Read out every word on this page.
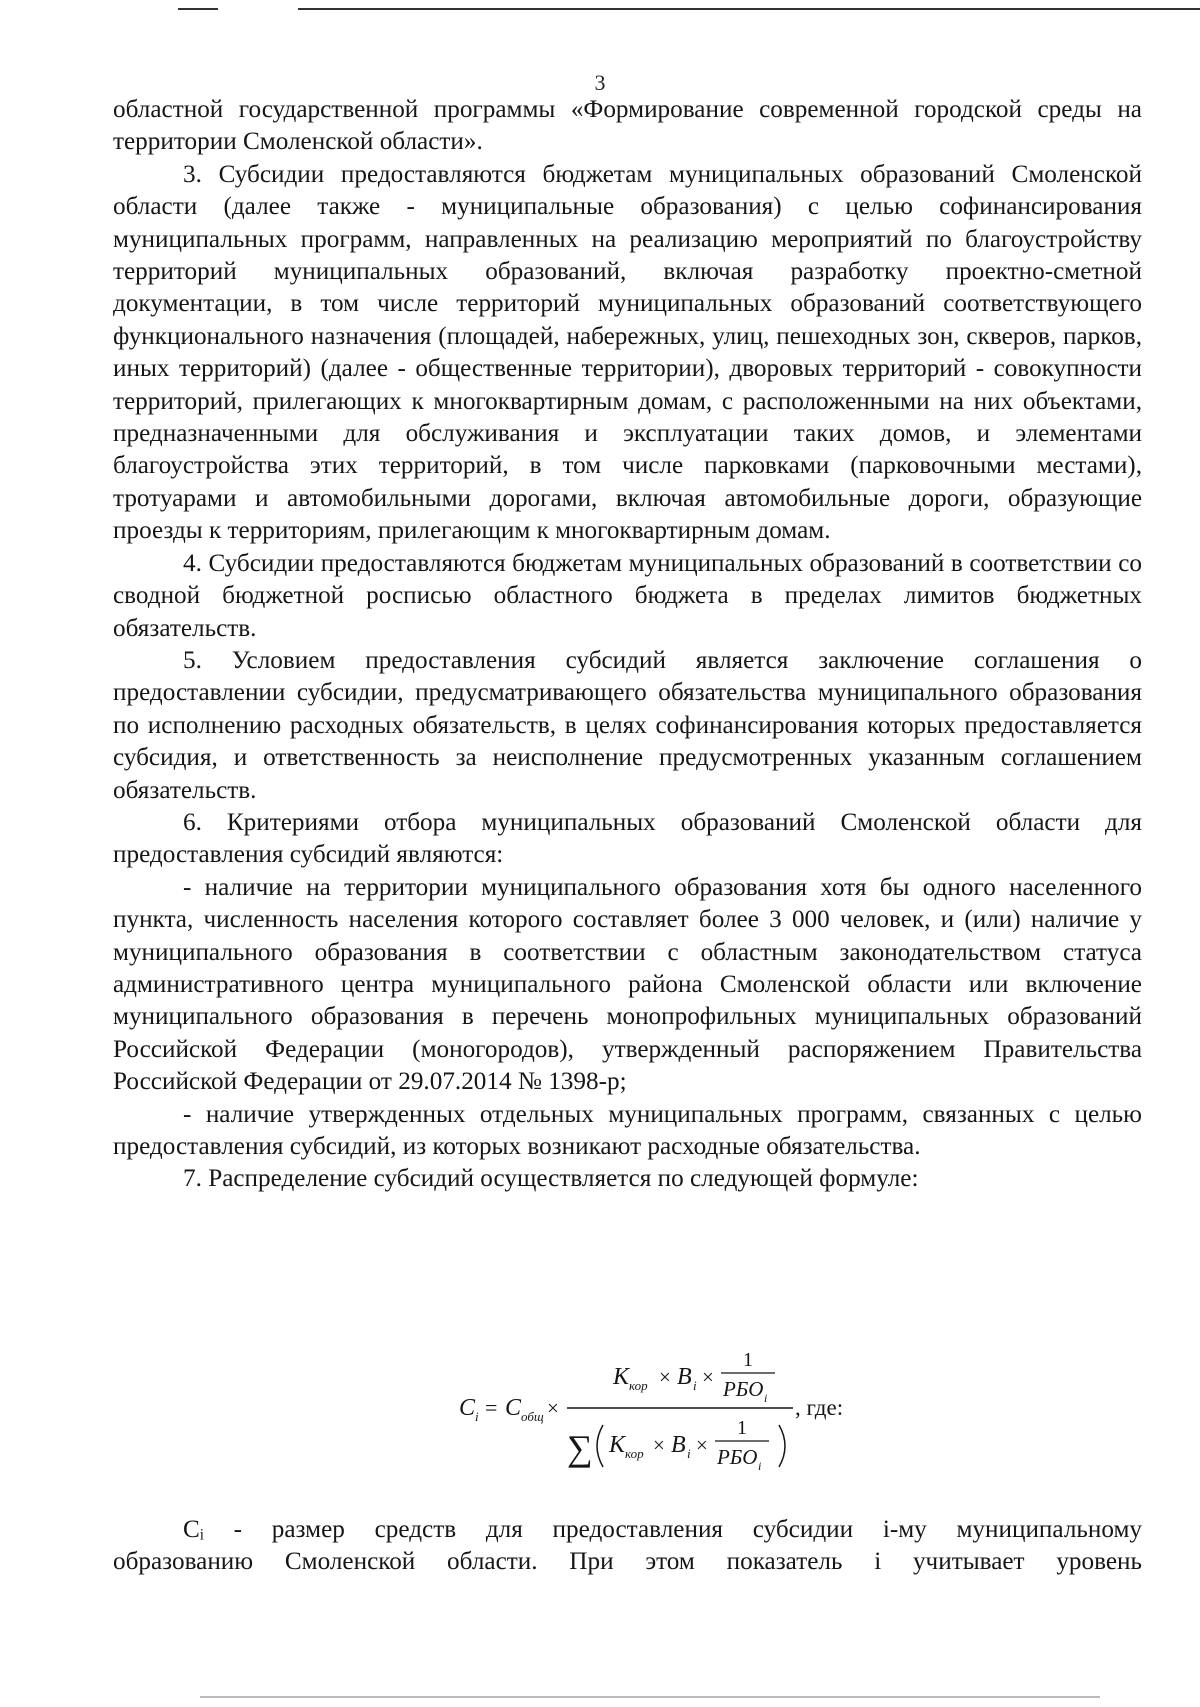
3

областной государственной программы «Формирование современной городской среды на территории Смоленской области».

3. Субсидии предоставляются бюджетам муниципальных образований Смоленской области (далее также - муниципальные образования) с целью софинансирования муниципальных программ, направленных на реализацию мероприятий по благоустройству территорий муниципальных образований, включая разработку проектно-сметной документации, в том числе территорий муниципальных образований соответствующего функционального назначения (площадей, набережных, улиц, пешеходных зон, скверов, парков, иных территорий) (далее - общественные территории), дворовых территорий - совокупности территорий, прилегающих к многоквартирным домам, с расположенными на них объектами, предназначенными для обслуживания и эксплуатации таких домов, и элементами благоустройства этих территорий, в том числе парковками (парковочными местами), тротуарами и автомобильными дорогами, включая автомобильные дороги, образующие проезды к территориям, прилегающим к многоквартирным домам.

4. Субсидии предоставляются бюджетам муниципальных образований в соответствии со сводной бюджетной росписью областного бюджета в пределах лимитов бюджетных обязательств.

5. Условием предоставления субсидий является заключение соглашения о предоставлении субсидии, предусматривающего обязательства муниципального образования по исполнению расходных обязательств, в целях софинансирования которых предоставляется субсидия, и ответственность за неисполнение предусмотренных указанным соглашением обязательств.

6. Критериями отбора муниципальных образований Смоленской области для предоставления субсидий являются:

- наличие на территории муниципального образования хотя бы одного населенного пункта, численность населения которого составляет более 3 000 человек, и (или) наличие у муниципального образования в соответствии с областным законодательством статуса административного центра муниципального района Смоленской области или включение муниципального образования в перечень монопрофильных муниципальных образований Российской Федерации (моногородов), утвержденный распоряжением Правительства Российской Федерации от 29.07.2014 № 1398-р;

- наличие утвержденных отдельных муниципальных программ, связанных с целью предоставления субсидий, из которых возникают расходные обязательства.

7. Распределение субсидий осуществляется по следующей формуле:

C i = C общ ×
K кор × B i ×
1
РБО i
∑ K кор × B i ×
1
РБО i
, где:

Cᵢ - размер средств для предоставления субсидии i-му муниципальному

образованию Смоленской области. При этом показатель i учитывает уровень
